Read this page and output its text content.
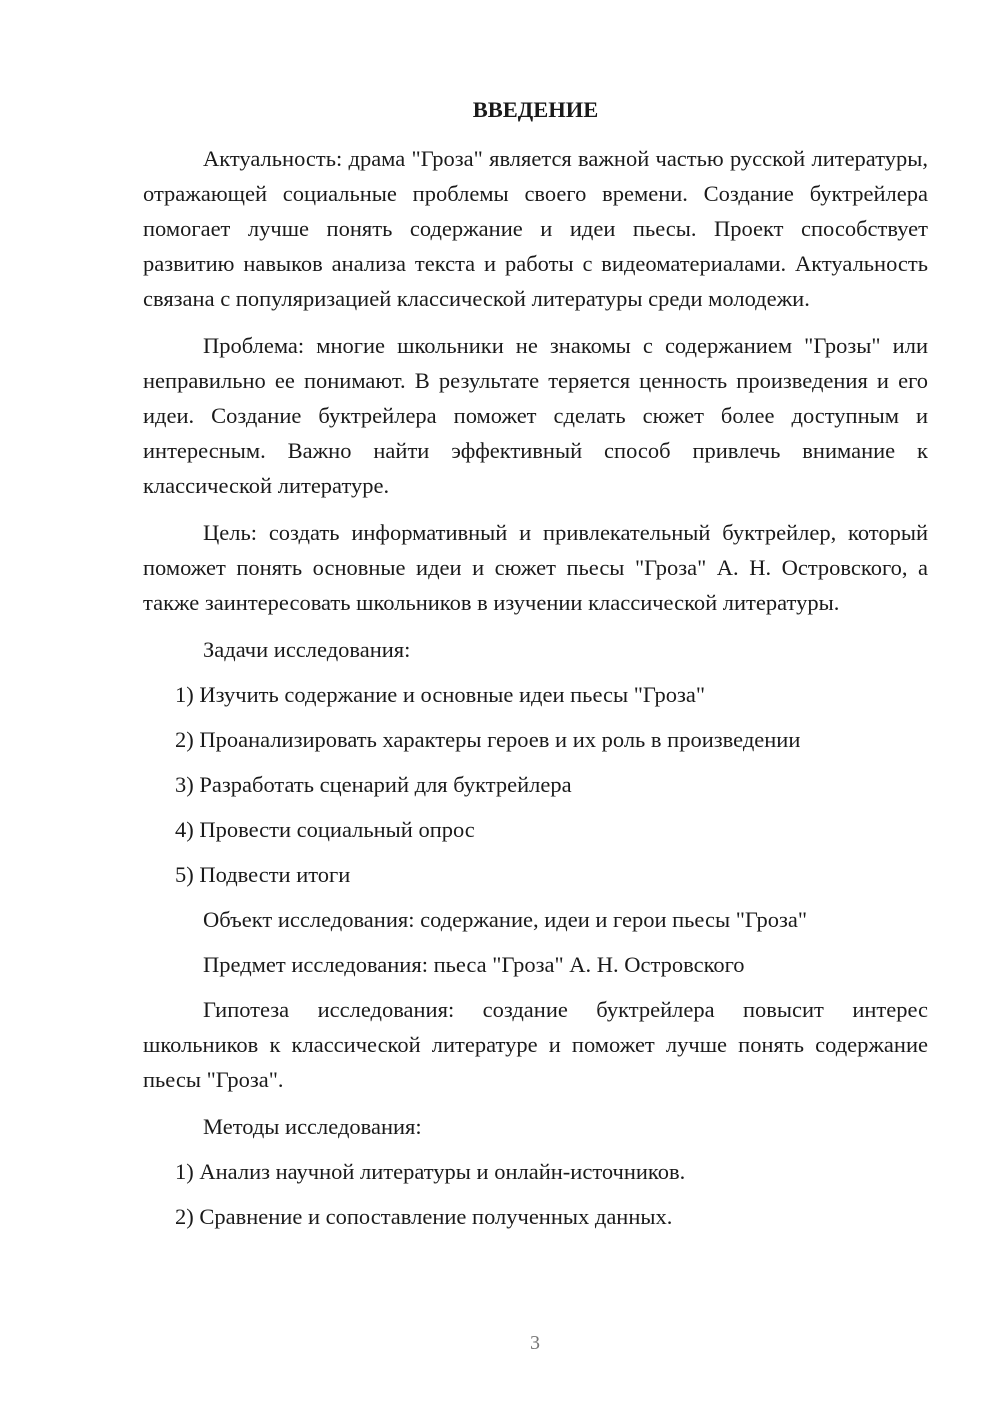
ВВЕДЕНИЕ
Актуальность: драма "Гроза" является важной частью русской литературы, отражающей социальные проблемы своего времени. Создание буктрейлера помогает лучше понять содержание и идеи пьесы. Проект способствует развитию навыков анализа текста и работы с видеоматериалами. Актуальность связана с популяризацией классической литературы среди молодежи.
Проблема: многие школьники не знакомы с содержанием "Грозы" или неправильно ее понимают. В результате теряется ценность произведения и его идеи. Создание буктрейлера поможет сделать сюжет более доступным и интересным. Важно найти эффективный способ привлечь внимание к классической литературе.
Цель: создать информативный и привлекательный буктрейлер, который поможет понять основные идеи и сюжет пьесы "Гроза" А. Н. Островского, а также заинтересовать школьников в изучении классической литературы.
Задачи исследования:
1) Изучить содержание и основные идеи пьесы "Гроза"
2) Проанализировать характеры героев и их роль в произведении
3) Разработать сценарий для буктрейлера
4) Провести социальный опрос
5) Подвести итоги
Объект исследования: содержание, идеи и герои пьесы "Гроза"
Предмет исследования: пьеса "Гроза" А. Н. Островского
Гипотеза исследования: создание буктрейлера повысит интерес школьников к классической литературе и поможет лучше понять содержание пьесы "Гроза".
Методы исследования:
1) Анализ научной литературы и онлайн-источников.
2) Сравнение и сопоставление полученных данных.
3
